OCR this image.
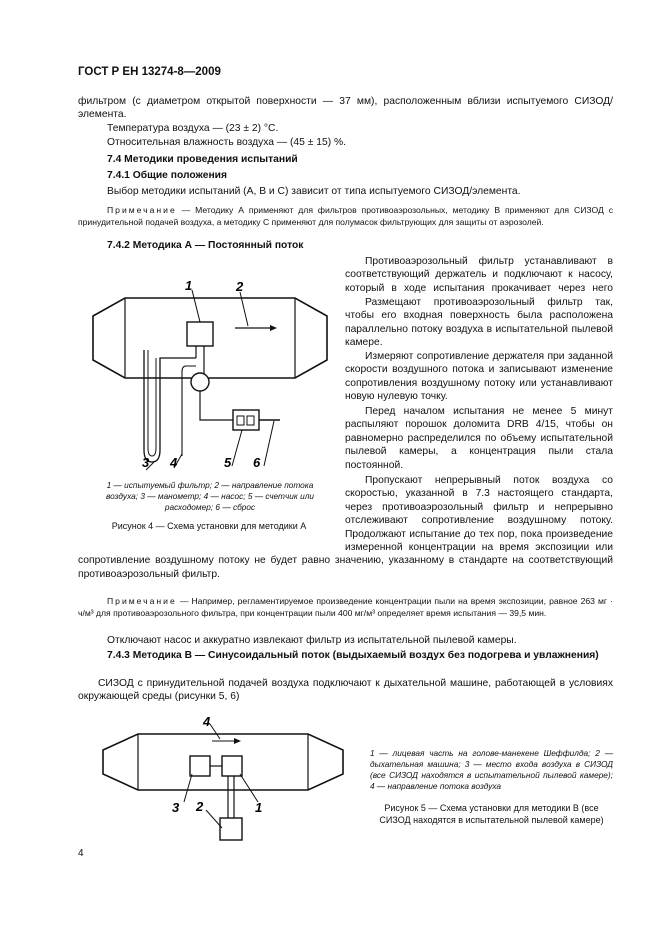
ГОСТ Р ЕН 13274-8—2009
фильтром (с диаметром открытой поверхности — 37 мм), расположенным вблизи испытуемого СИЗОД/элемента.
Температура воздуха — (23 ± 2) °С.
Относительная влажность воздуха — (45 ± 15) %.
7.4 Методики проведения испытаний
7.4.1 Общие положения
Выбор методики испытаний (А, В и С) зависит от типа испытуемого СИЗОД/элемента.
Примечание — Методику А применяют для фильтров противоаэрозольных, методику В применяют для СИЗОД с принудительной подачей воздуха, а методику С применяют для полумасок фильтрующих для защиты от аэрозолей.
7.4.2 Методика А — Постоянный поток
Противоаэрозольный фильтр устанавливают в соответствующий держатель и подключают к насосу, который в ходе испытания прокачивает через него
Размещают противоаэрозольный фильтр так, чтобы его входная поверхность была расположена параллельно потоку воздуха в испытательной пылевой камере.
Измеряют сопротивление держателя при заданной скорости воздушного потока и записывают изменение сопротивления воздушному потоку или устанавливают новую нулевую точку.
Перед началом испытания не менее 5 минут распыляют порошок доломита DRB 4/15, чтобы он равномерно распределился по объему испытательной пылевой камеры, а концентрация пыли стала постоянной.
Пропускают непрерывный поток воздуха со скоростью, указанной в 7.3 настоящего стандарта, через противоаэрозольный фильтр и непрерывно отслеживают сопротивление воздушному потоку. Продолжают испытание до тех пор, пока произведение измеренной концентрации на время экспозиции или сопротивление воздушному потоку не будет равно значению, указанному в стандарте на соответствующий противоаэрозольный фильтр.
1	2
3 4	5 6
1 — испытуемый фильтр; 2 — направление потока воздуха; 3 — манометр; 4 — насос; 5 — счетчик или расходомер; 6 — сброс
Рисунок 4 — Схема установки для методики А
Примечание — Например, регламентируемое произведение концентрации пыли на время экспозиции, равное 263 мг · ч/м³ для противоаэрозольного фильтра, при концентрации пыли 400 мг/м³ определяет время испытания — 39,5 мин.
Отключают насос и аккуратно извлекают фильтр из испытательной пылевой камеры.
7.4.3 Методика В — Синусоидальный поток (выдыхаемый воздух без подогрева и увлажнения)
СИЗОД с принудительной подачей воздуха подключают к дыхательной машине, работающей в условиях окружающей среды (рисунки 5, 6)
1
2
3
4
1 — лицевая часть на голове-манекене Шеффилда; 2 — дыхательная машина; 3 — место входа воздуха в СИЗОД (все СИЗОД находятся в испытательной пылевой камере); 4 — направление потока воздуха
Рисунок 5 — Схема установки для методики В (все СИЗОД находятся в испытательной пылевой камере)
4
